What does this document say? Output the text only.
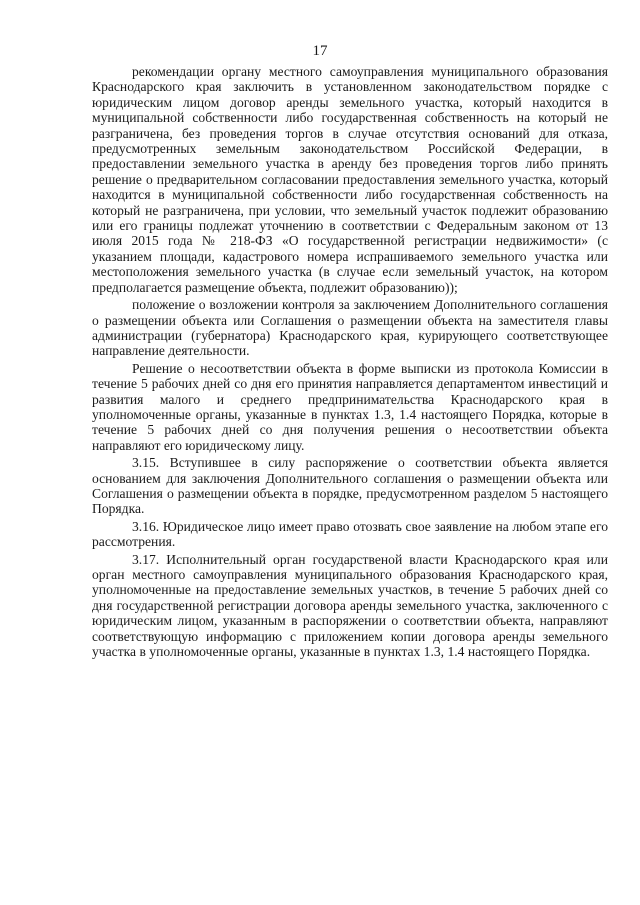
17

рекомендации органу местного самоуправления муниципального образования Краснодарского края заключить в установленном законодательством порядке с юридическим лицом договор аренды земельного участка, который находится в муниципальной собственности либо государственная собственность на который не разграничена, без проведения торгов в случае отсутствия оснований для отказа, предусмотренных земельным законодательством Российской Федерации, в предоставлении земельного участка в аренду без проведения торгов либо принять решение о предварительном согласовании предоставления земельного участка, который находится в муниципальной собственности либо государственная собственность на который не разграничена, при условии, что земельный участок подлежит образованию или его границы подлежат уточнению в соответствии с Федеральным законом от 13 июля 2015 года № 218-ФЗ «О государственной регистрации недвижимости» (с указанием площади, кадастрового номера испрашиваемого земельного участка или местоположения земельного участка (в случае если земельный участок, на котором предполагается размещение объекта, подлежит образованию));

положение о возложении контроля за заключением Дополнительного соглашения о размещении объекта или Соглашения о размещении объекта на заместителя главы администрации (губернатора) Краснодарского края, курирующего соответствующее направление деятельности.

Решение о несоответствии объекта в форме выписки из протокола Комиссии в течение 5 рабочих дней со дня его принятия направляется департаментом инвестиций и развития малого и среднего предпринимательства Краснодарского края в уполномоченные органы, указанные в пунктах 1.3, 1.4 настоящего Порядка, которые в течение 5 рабочих дней со дня получения решения о несоответствии объекта направляют его юридическому лицу.

3.15. Вступившее в силу распоряжение о соответствии объекта является основанием для заключения Дополнительного соглашения о размещении объекта или Соглашения о размещении объекта в порядке, предусмотренном разделом 5 настоящего Порядка.

3.16. Юридическое лицо имеет право отозвать свое заявление на любом этапе его рассмотрения.

3.17. Исполнительный орган государственой власти Краснодарского края или орган местного самоуправления муниципального образования Краснодарского края, уполномоченные на предоставление земельных участков, в течение 5 рабочих дней со дня государственной регистрации договора аренды земельного участка, заключенного с юридическим лицом, указанным в распоряжении о соответствии объекта, направляют соответствующую информацию с приложением копии договора аренды земельного участка в уполномоченные органы, указанные в пунктах 1.3, 1.4 настоящего Порядка.
